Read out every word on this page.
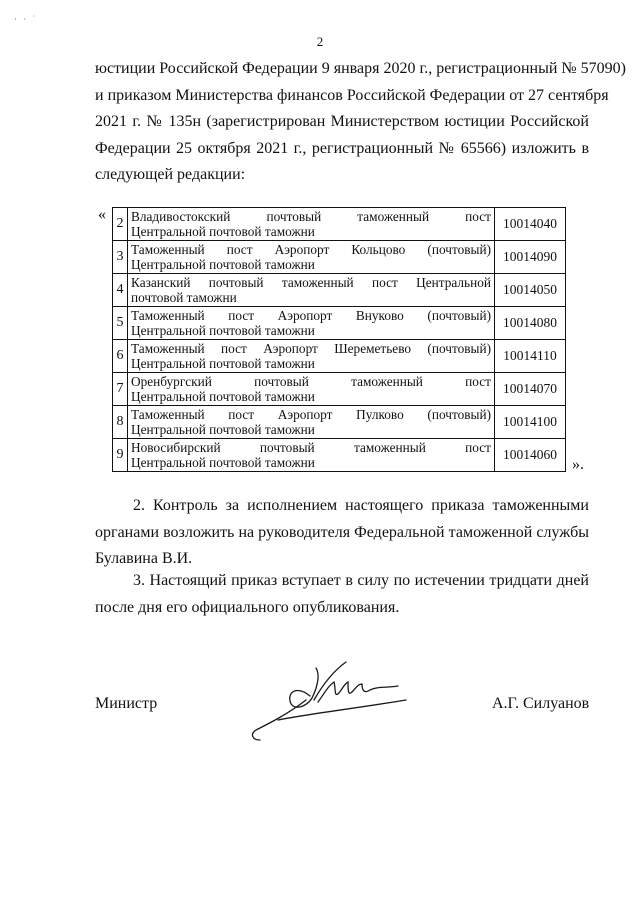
· · ˙
2
юстиции Российской Федерации 9 января 2020 г., регистрационный № 57090)
и приказом Министерства финансов Российской Федерации от 27 сентября
2021 г. № 135н (зарегистрирован Министерством юстиции Российской
Федерации 25 октября 2021 г., регистрационный № 65566) изложить в
следующей редакции:
«
».
2	Владивостокский почтовый таможенный пост
Центральной почтовой таможни	10014040
3	Таможенный пост Аэропорт Кольцово (почтовый)
Центральной почтовой таможни	10014090
4	Казанский почтовый таможенный пост Центральной
почтовой таможни	10014050
5	Таможенный пост Аэропорт Внуково (почтовый)
Центральной почтовой таможни	10014080
6	Таможенный пост Аэропорт Шереметьево (почтовый)
Центральной почтовой таможни	10014110
7	Оренбургский почтовый таможенный пост
Центральной почтовой таможни	10014070
8	Таможенный пост Аэропорт Пулково (почтовый)
Центральной почтовой таможни	10014100
9	Новосибирский почтовый таможенный пост
Центральной почтовой таможни	10014060
2. Контроль за исполнением настоящего приказа таможенными
органами возложить на руководителя Федеральной таможенной службы
Булавина В.И.
3. Настоящий приказ вступает в силу по истечении тридцати дней
после дня его официального опубликования.
Министр	А.Г. Силуанов
